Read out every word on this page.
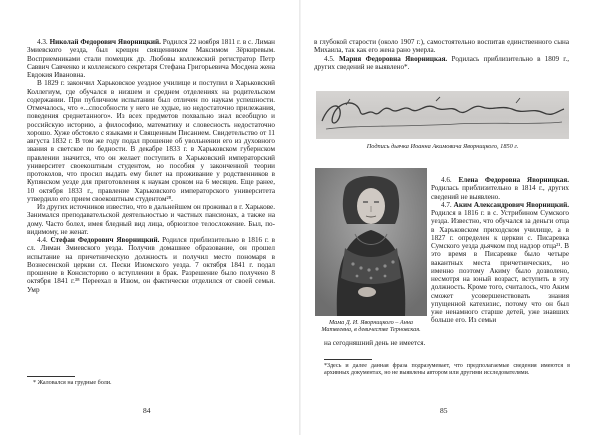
4.3. Николай Федорович Яворницкий. Родился 22 ноября 1811 г. в с. Лиман Змиевского уезда, был крещен священником Максимом Зёркиревым. Восприемниками стали помещик др. Любовы коллежский регистратор Петр Саввич Савченко и коллежского секретаря Стефана Григорьевича Мосдена жена Евдокия Ивановна.

В 1829 г. закончил Харьковское уездное училище и поступил в Харьковский Коллегиум, где обучался в низшем и среднем отделениях на родительском содержании. При публичном испытании был отличен по наукам успешности. Отмечалось, что «...способности у него не худые, но недостаточно прилежания, поведения среднетанного». Из всех предметов похвально знал всеобщую и российскую историю, а философию, математику и словесность недостаточно хорошо. Хуже обстояло с языками и Священным Писанием. Свидетельство от 11 августа 1832 г. В том же году подал прошение об увольнении его из духовного звания в светское по бедности. В декабре 1833 г. в Харьковском губернском правлении значится, что он желает поступить в Харьковский императорский университет своекоштным студентом, но пособия у законченной теории протоколов, что просил выдать ему билет на проживание у родственников в Купянском уезде для приготовления к наукам сроком на 6 месяцев. Еще ранее, 10 октября 1833 г., правление Харьковского императорского университета утвердило его прием своекоштным студентом²⁸.

Из других источников известно, что в дальнейшем он проживал в г. Харькове. Занимался преподавательской деятельностью и частных пансионах, а также на дому. Часто болел, имея бледный вид лица, обрюзглое телосложение. Был, по-видимому, не женат.

4.4. Стефан Федорович Яворницкий. Родился приблизительно в 1816 г. в сл. Лиман Змиевского уезда. Получив домашнее образование, он прошел испытание на причетническую должность и получил место пономаря в Вознесенской церкви сл. Пески Изюмского уезда. 7 октября 1841 г. подал прошение в Консисторию о вступлении в брак. Разрешение было получено 8 октября 1841 г.³⁸ Переехал в Изюм, он фактически отделился от своей семьи. Умр

* Жаловался на грудные боли.
84

в глубокой старости (около 1907 г.), самостоятельно воспитав единственного сына Михаила, так как его жена рано умерла.

4.5. Мария Федоровна Яворницкая. Родилась приблизительно в 1809 г., других сведений не выявлено*.

Подпись дьячка Иоанна Акимовича Яворницкого, 1850 г.
Мама Д. И. Яворницкого – Анна Матвеевна, в девичестве Терновская.

4.6. Елена Федоровна Яворницкая. Родилась приблизительно в 1814 г., других сведений не выявлено.

4.7. Аким Александрович Яворницкий. Родился в 1816 г. в с. Устрибином Сумского уезда. Известно, что обучался за деньги отца в Харьковском приходском училище, а в 1827 г. определен к церкви с. Писаревка Сумского уезда дьячком под надзор отца²¹. В это время в Писаревке было четыре вакантных места причетнических, но именно поэтому Акиму было дозволено, несмотря на юный возраст, вступить в эту должность. Кроме того, считалось, что Аким сможет усовершенствовать знания упущенной катехизис, потому что он был уже ненамного старше детей, уже знавших больше его. Из семьи

на сегодняшний день не имеется.

*Здесь и далее данная фраза подразумевает, что предполагаемые сведения имеются в архивных документах, но не выявлены автором или другими исследователями.
85
